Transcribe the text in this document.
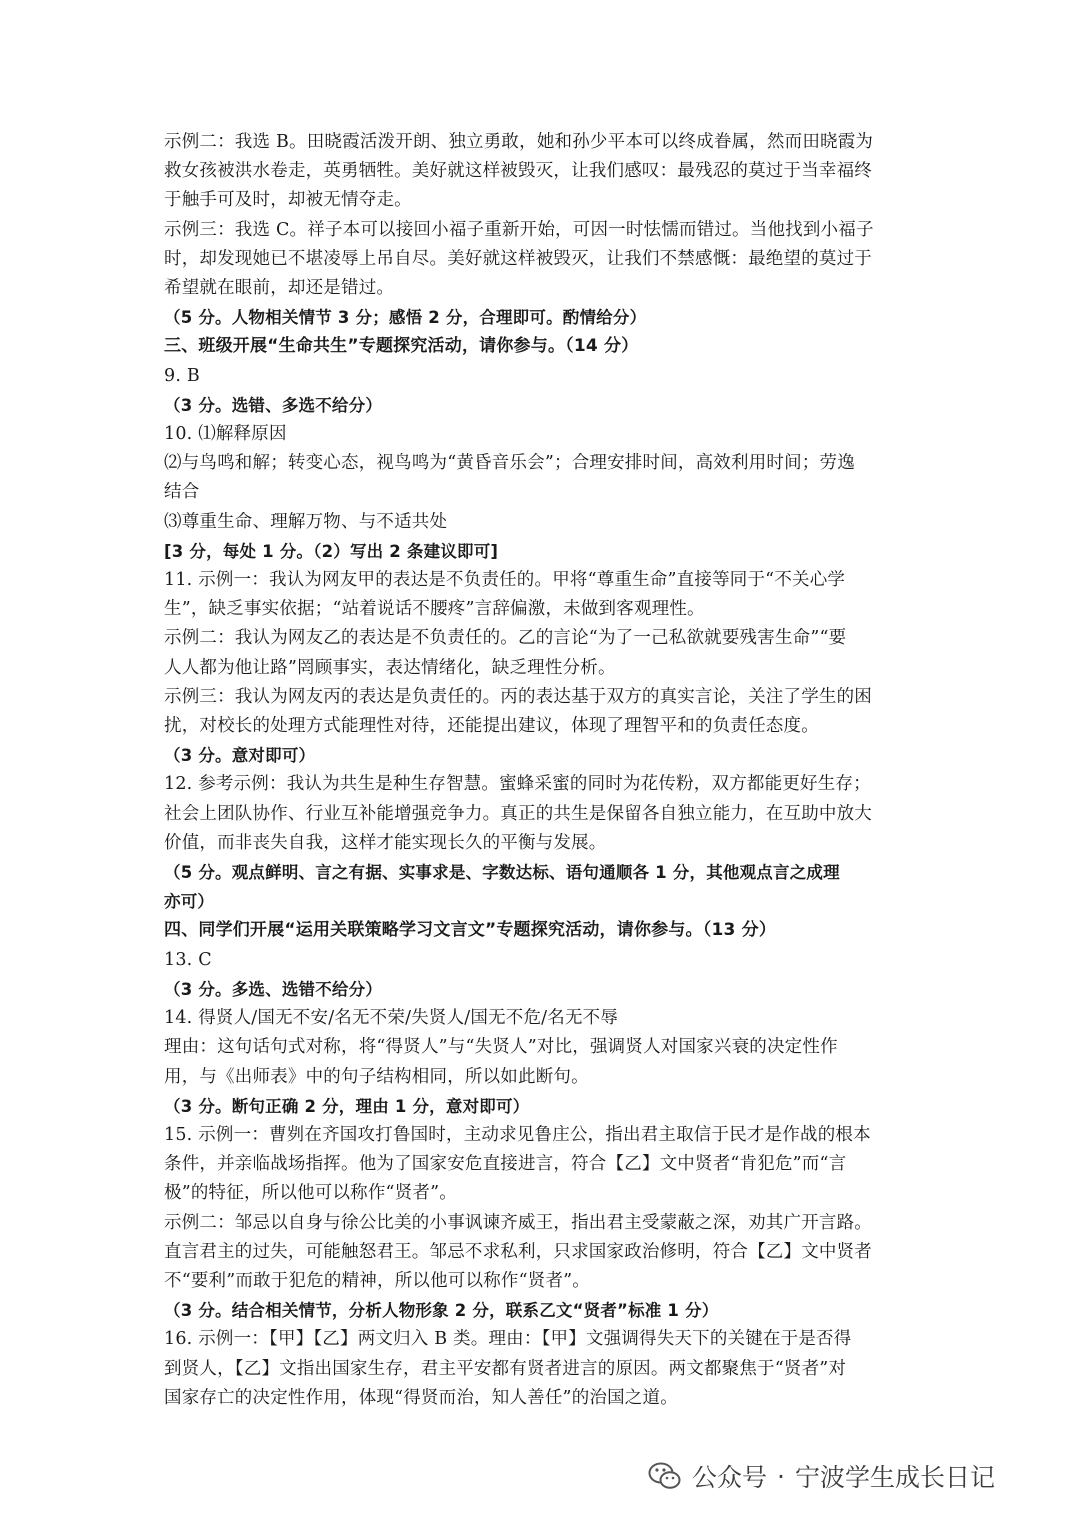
示例二：我选 B。田晓霞活泼开朗、独立勇敢，她和孙少平本可以终成眷属，然而田晓霞为
救女孩被洪水卷走，英勇牺牲。美好就这样被毁灭，让我们感叹：最残忍的莫过于当幸福终
于触手可及时，却被无情夺走。
示例三：我选 C。祥子本可以接回小福子重新开始，可因一时怯懦而错过。当他找到小福子
时，却发现她已不堪凌辱上吊自尽。美好就这样被毁灭，让我们不禁感慨：最绝望的莫过于
希望就在眼前，却还是错过。
（5 分。人物相关情节 3 分；感悟 2 分，合理即可。酌情给分）
三、班级开展“生命共生”专题探究活动，请你参与。（14 分）
9. B
（3 分。选错、多选不给分）
10. ⑴解释原因
⑵与鸟鸣和解；转变心态，视鸟鸣为“黄昏音乐会”；合理安排时间，高效利用时间；劳逸
结合
⑶尊重生命、理解万物、与不适共处
[3 分，每处 1 分。（2）写出 2 条建议即可]
11. 示例一：我认为网友甲的表达是不负责任的。甲将“尊重生命”直接等同于“不关心学
生”，缺乏事实依据；“站着说话不腰疼”言辞偏激，未做到客观理性。
示例二：我认为网友乙的表达是不负责任的。乙的言论“为了一己私欲就要残害生命”“要
人人都为他让路”罔顾事实，表达情绪化，缺乏理性分析。
示例三：我认为网友丙的表达是负责任的。丙的表达基于双方的真实言论，关注了学生的困
扰，对校长的处理方式能理性对待，还能提出建议，体现了理智平和的负责任态度。
（3 分。意对即可）
12. 参考示例：我认为共生是种生存智慧。蜜蜂采蜜的同时为花传粉，双方都能更好生存；
社会上团队协作、行业互补能增强竞争力。真正的共生是保留各自独立能力，在互助中放大
价值，而非丧失自我，这样才能实现长久的平衡与发展。
（5 分。观点鲜明、言之有据、实事求是、字数达标、语句通顺各 1 分，其他观点言之成理
亦可）
四、同学们开展“运用关联策略学习文言文”专题探究活动，请你参与。（13 分）
13. C
（3 分。多选、选错不给分）
14. 得贤人/国无不安/名无不荣/失贤人/国无不危/名无不辱
理由：这句话句式对称，将“得贤人”与“失贤人”对比，强调贤人对国家兴衰的决定性作
用，与《出师表》中的句子结构相同，所以如此断句。
（3 分。断句正确 2 分，理由 1 分，意对即可）
15. 示例一：曹刿在齐国攻打鲁国时，主动求见鲁庄公，指出君主取信于民才是作战的根本
条件，并亲临战场指挥。他为了国家安危直接进言，符合【乙】文中贤者“肯犯危”而“言
极”的特征，所以他可以称作“贤者”。
示例二：邹忌以自身与徐公比美的小事讽谏齐威王，指出君主受蒙蔽之深，劝其广开言路。
直言君主的过失，可能触怒君王。邹忌不求私利，只求国家政治修明，符合【乙】文中贤者
不“要利”而敢于犯危的精神，所以他可以称作“贤者”。
（3 分。结合相关情节，分析人物形象 2 分，联系乙文“贤者”标准 1 分）
16. 示例一：【甲】【乙】两文归入 B 类。理由：【甲】文强调得失天下的关键在于是否得
到贤人，【乙】文指出国家生存，君主平安都有贤者进言的原因。两文都聚焦于“贤者”对
国家存亡的决定性作用，体现“得贤而治，知人善任”的治国之道。
公众号 · 宁波学生成长日记
